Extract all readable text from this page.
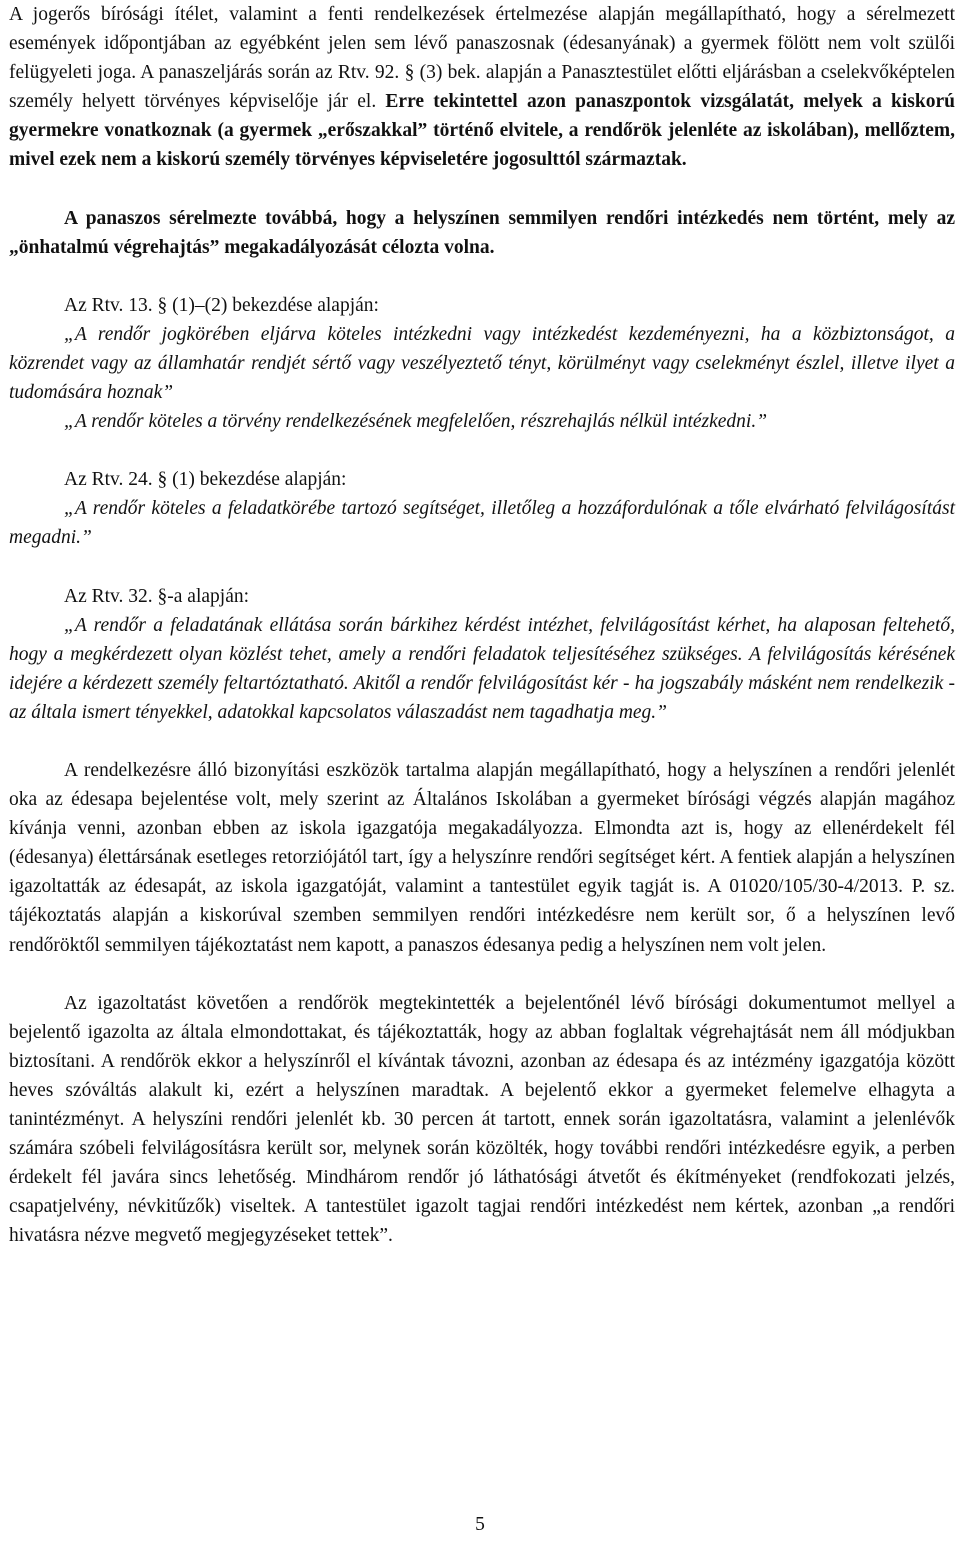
A jogerős bírósági ítélet, valamint a fenti rendelkezések értelmezése alapján megállapítható, hogy a sérelmezett események időpontjában az egyébként jelen sem lévő panaszosnak (édesanyának) a gyermek fölött nem volt szülői felügyeleti joga. A panaszeljárás során az Rtv. 92. § (3) bek. alapján a Panasztestület előtti eljárásban a cselekvőképtelen személy helyett törvényes képviselője jár el. Erre tekintettel azon panaszpontok vizsgálatát, melyek a kiskorú gyermekre vonatkoznak (a gyermek „erőszakkal” történő elvitele, a rendőrök jelenléte az iskolában), mellőztem, mivel ezek nem a kiskorú személy törvényes képviseletére jogosulttól származtak.

A panaszos sérelmezte továbbá, hogy a helyszínen semmilyen rendőri intézkedés nem történt, mely az „önhatalmú végrehajtás” megakadályozását célozta volna.

Az Rtv. 13. § (1)–(2) bekezdése alapján:

„A rendőr jogkörében eljárva köteles intézkedni vagy intézkedést kezdeményezni, ha a közbiztonságot, a közrendet vagy az államhatár rendjét sértő vagy veszélyeztető tényt, körülményt vagy cselekményt észlel, illetve ilyet a tudomására hoznak”

„A rendőr köteles a törvény rendelkezésének megfelelően, részrehajlás nélkül intézkedni.”

Az Rtv. 24. § (1) bekezdése alapján:

„A rendőr köteles a feladatkörébe tartozó segítséget, illetőleg a hozzáfordulónak a tőle elvárható felvilágosítást megadni.”

Az Rtv. 32. §-a alapján:

„A rendőr a feladatának ellátása során bárkihez kérdést intézhet, felvilágosítást kérhet, ha alaposan feltehető, hogy a megkérdezett olyan közlést tehet, amely a rendőri feladatok teljesítéséhez szükséges. A felvilágosítás kérésének idejére a kérdezett személy feltartóztatható. Akitől a rendőr felvilágosítást kér - ha jogszabály másként nem rendelkezik - az általa ismert tényekkel, adatokkal kapcsolatos válaszadást nem tagadhatja meg.”

A rendelkezésre álló bizonyítási eszközök tartalma alapján megállapítható, hogy a helyszínen a rendőri jelenlét oka az édesapa bejelentése volt, mely szerint az Általános Iskolában a gyermeket bírósági végzés alapján magához kívánja venni, azonban ebben az iskola igazgatója megakadályozza. Elmondta azt is, hogy az ellenérdekelt fél (édesanya) élettársának esetleges retorziójától tart, így a helyszínre rendőri segítséget kért. A fentiek alapján a helyszínen igazoltatták az édesapát, az iskola igazgatóját, valamint a tantestület egyik tagját is. A 01020/105/30-4/2013. P. sz. tájékoztatás alapján a kiskorúval szemben semmilyen rendőri intézkedésre nem került sor, ő a helyszínen levő rendőröktől semmilyen tájékoztatást nem kapott, a panaszos édesanya pedig a helyszínen nem volt jelen.

Az igazoltatást követően a rendőrök megtekintették a bejelentőnél lévő bírósági dokumentumot mellyel a bejelentő igazolta az általa elmondottakat, és tájékoztatták, hogy az abban foglaltak végrehajtását nem áll módjukban biztosítani. A rendőrök ekkor a helyszínről el kívántak távozni, azonban az édesapa és az intézmény igazgatója között heves szóváltás alakult ki, ezért a helyszínen maradtak. A bejelentő ekkor a gyermeket felemelve elhagyta a tanintézményt. A helyszíni rendőri jelenlét kb. 30 percen át tartott, ennek során igazoltatásra, valamint a jelenlévők számára szóbeli felvilágosításra került sor, melynek során közölték, hogy további rendőri intézkedésre egyik, a perben érdekelt fél javára sincs lehetőség. Mindhárom rendőr jó láthatósági átvetőt és ékítményeket (rendfokozati jelzés, csapatjelvény, névkitűzők) viseltek. A tantestület igazolt tagjai rendőri intézkedést nem kértek, azonban „a rendőri hivatásra nézve megvető megjegyzéseket tettek”.

5
